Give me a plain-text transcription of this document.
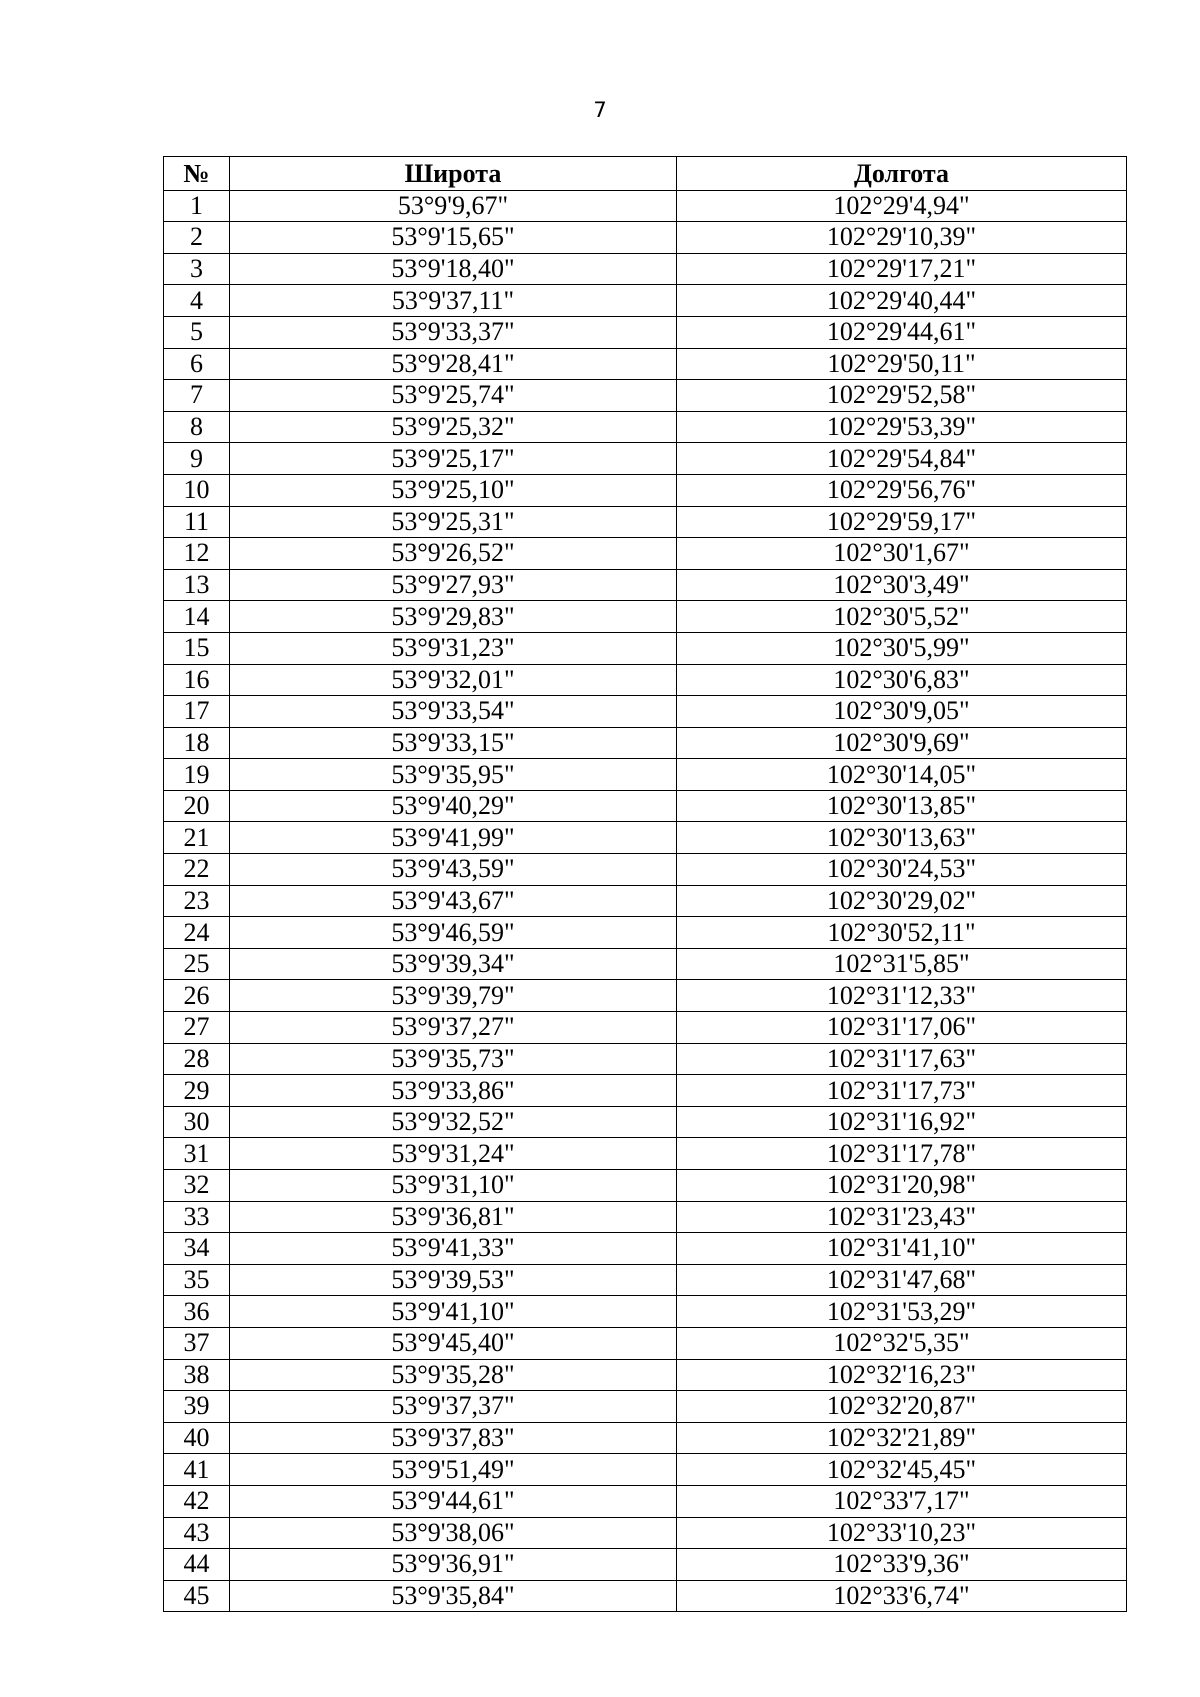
7
№	Широта	Долгота
1	53°9'9,67"	102°29'4,94"
2	53°9'15,65"	102°29'10,39"
3	53°9'18,40"	102°29'17,21"
4	53°9'37,11"	102°29'40,44"
5	53°9'33,37"	102°29'44,61"
6	53°9'28,41"	102°29'50,11"
7	53°9'25,74"	102°29'52,58"
8	53°9'25,32"	102°29'53,39"
9	53°9'25,17"	102°29'54,84"
10	53°9'25,10"	102°29'56,76"
11	53°9'25,31"	102°29'59,17"
12	53°9'26,52"	102°30'1,67"
13	53°9'27,93"	102°30'3,49"
14	53°9'29,83"	102°30'5,52"
15	53°9'31,23"	102°30'5,99"
16	53°9'32,01"	102°30'6,83"
17	53°9'33,54"	102°30'9,05"
18	53°9'33,15"	102°30'9,69"
19	53°9'35,95"	102°30'14,05"
20	53°9'40,29"	102°30'13,85"
21	53°9'41,99"	102°30'13,63"
22	53°9'43,59"	102°30'24,53"
23	53°9'43,67"	102°30'29,02"
24	53°9'46,59"	102°30'52,11"
25	53°9'39,34"	102°31'5,85"
26	53°9'39,79"	102°31'12,33"
27	53°9'37,27"	102°31'17,06"
28	53°9'35,73"	102°31'17,63"
29	53°9'33,86"	102°31'17,73"
30	53°9'32,52"	102°31'16,92"
31	53°9'31,24"	102°31'17,78"
32	53°9'31,10"	102°31'20,98"
33	53°9'36,81"	102°31'23,43"
34	53°9'41,33"	102°31'41,10"
35	53°9'39,53"	102°31'47,68"
36	53°9'41,10"	102°31'53,29"
37	53°9'45,40"	102°32'5,35"
38	53°9'35,28"	102°32'16,23"
39	53°9'37,37"	102°32'20,87"
40	53°9'37,83"	102°32'21,89"
41	53°9'51,49"	102°32'45,45"
42	53°9'44,61"	102°33'7,17"
43	53°9'38,06"	102°33'10,23"
44	53°9'36,91"	102°33'9,36"
45	53°9'35,84"	102°33'6,74"
